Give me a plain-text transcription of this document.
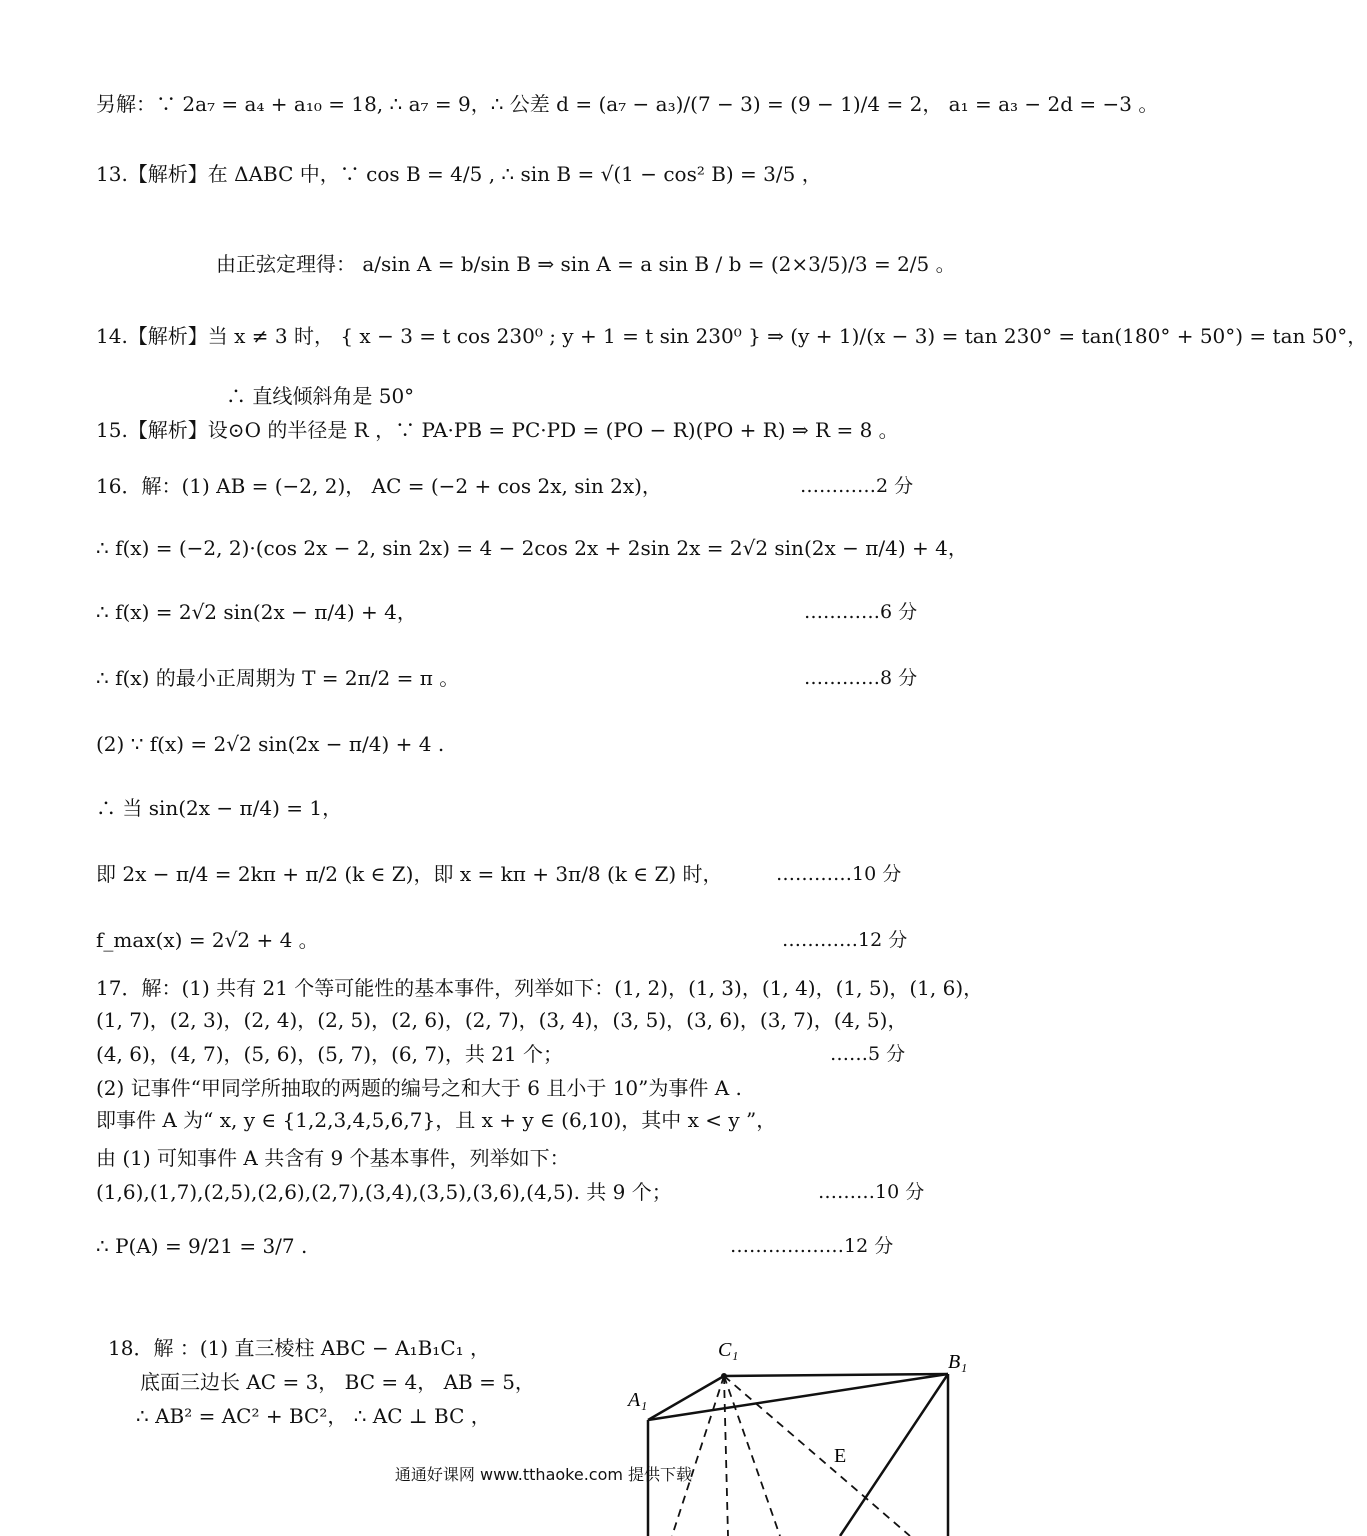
另解：∵ 2a₇ = a₄ + a₁₀ = 18, ∴ a₇ = 9，∴ 公差 d = (a₇ − a₃)/(7 − 3) = (9 − 1)/4 = 2， a₁ = a₃ − 2d = −3 。
13.【解析】在 ΔABC 中，∵ cos B = 4/5 , ∴ sin B = √(1 − cos² B) = 3/5 ，
由正弦定理得： a/sin A = b/sin B ⇒ sin A = a sin B / b = (2×3/5)/3 = 2/5 。
14.【解析】当 x ≠ 3 时， { x − 3 = t cos 230⁰ ; y + 1 = t sin 230⁰ } ⇒ (y + 1)/(x − 3) = tan 230° = tan(180° + 50°) = tan 50°，
∴ 直线倾斜角是 50°
15.【解析】设⊙O 的半径是 R ，∵ PA·PB = PC·PD = (PO − R)(PO + R) ⇒ R = 8 。
16．解：(1) AB = (−2, 2)， AC = (−2 + cos 2x, sin 2x)，	…………2 分
∴ f(x) = (−2, 2)·(cos 2x − 2, sin 2x) = 4 − 2cos 2x + 2sin 2x = 2√2 sin(2x − π/4) + 4，
∴ f(x) = 2√2 sin(2x − π/4) + 4，	…………6 分
∴ f(x) 的最小正周期为 T = 2π/2 = π 。	…………8 分
(2) ∵ f(x) = 2√2 sin(2x − π/4) + 4 .
∴ 当 sin(2x − π/4) = 1，
即 2x − π/4 = 2kπ + π/2 (k ∈ Z)，即 x = kπ + 3π/8 (k ∈ Z) 时，	…………10 分
f_max(x) = 2√2 + 4 。	…………12 分
17．解：(1) 共有 21 个等可能性的基本事件，列举如下：(1, 2)，(1, 3)，(1, 4)，(1, 5)，(1, 6)，
(1, 7)，(2, 3)，(2, 4)，(2, 5)，(2, 6)，(2, 7)，(3, 4)，(3, 5)，(3, 6)，(3, 7)，(4, 5)，
(4, 6)，(4, 7)，(5, 6)，(5, 7)，(6, 7)，共 21 个；	……5 分
(2) 记事件“甲同学所抽取的两题的编号之和大于 6 且小于 10”为事件 A .
即事件 A 为“ x, y ∈ {1,2,3,4,5,6,7}，且 x + y ∈ (6,10)，其中 x < y ”，
由 (1) 可知事件 A 共含有 9 个基本事件，列举如下：
(1,6),(1,7),(2,5),(2,6),(2,7),(3,4),(3,5),(3,6),(4,5). 共 9 个；	………10 分
∴ P(A) = 9/21 = 3/7 .	………………12 分
18．解 ：(1) 直三棱柱 ABC − A₁B₁C₁ ，
底面三边长 AC = 3， BC = 4， AB = 5，
∴ AB² = AC² + BC²， ∴ AC ⊥ BC ，
C₁
B₁
A₁
E
通通好课网 www.tthaoke.com 提供下载
